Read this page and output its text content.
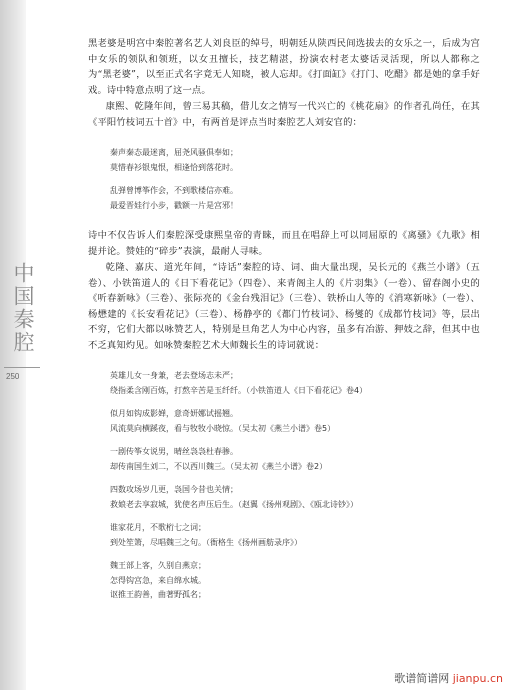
中国秦腔
250

黑老婆是明宫中秦腔著名艺人刘良臣的绰号，明朝廷从陕西民间选拔去的女乐之一，后成为宫中女乐的领队和领班，以女丑擅长，技艺精湛，扮演农村老太婆话灵活现，所以人都称之为“黑老婆”，以至正式名字竟无人知晓，被人忘却。《打面缸》《打门、吃醋》都是她的拿手好戏。诗中特意点明了这一点。

康熙、乾隆年间，曾三易其稿，借儿女之情写一代兴亡的《桃花扇》的作者孔尚任，在其《平阳竹枝词五十首》中，有两首是评点当时秦腔艺人刘安官的：

秦声秦态最迷离，屈尧风骚俱奉如；
莫惜春衫银鬼恨，相逢恰到落花时。
乱弹曾博筝作会，不到歌楼信亦难。
最爱晋娃行小步，戳额一片是宫邪！

诗中不仅告诉人们秦腔深受康熙皇帝的青睐，而且在唱辞上可以同屈原的《离骚》《九歌》相提并论。赞娃的“碎步”表演，最耐人寻味。

乾隆、嘉庆、道光年间，“诗话”秦腔的诗、词、曲大量出现，吴长元的《燕兰小谱》（五卷）、小铁笛道人的《日下看花记》（四卷）、来青阁主人的《片羽集》（一卷）、留春阁小史的《听春新咏》（三卷）、张际亮的《金台残泪记》（三卷）、铁桥山人等的《消寒新咏》（一卷）、杨懋建的《长安看花记》（三卷）、杨静亭的《都门竹枝词》、杨燮的《成都竹枝词》等，层出不穷，它们大都以咏赞艺人，特别是旦角艺人为中心内容，虽多有冶游、狎妓之辞，但其中也不乏真知灼见。如咏赞秦腔艺术大师魏长生的诗词就说：

英雄儿女一身兼，老去登场志未严；
绕指柔含刚百炼，打熬辛苦是玉纤纤。（小铁笛道人《日下看花记》卷4）
似月如钩成影婵，意奇妍娜试摇翘。
风流莫向横蹊夜，看与牧牧小晓惊。（吴太初《燕兰小谱》卷5）
一剧传筝女说男，晴丝袅袅杜春骖。
却传南国生刘二，不以西川魏三。（吴太初《燕兰小谱》卷2）
四数攻场岁几更，袅国今昔也关情；
救娘老去享寂城，犹使名声压后生。（赵翼《扬州观剧》、《瓯北诗钞》）
谁家花月，不歌桁七之词；
到处笙箫，尽唱魏三之句。（衙格生《扬州画舫录序》）
魏王部上客，久别自燕京；
怎得钩宫急，来自绵水城。
讴推王韵善，曲著野孤名；
歌谱简谱网 jianpu.cn
